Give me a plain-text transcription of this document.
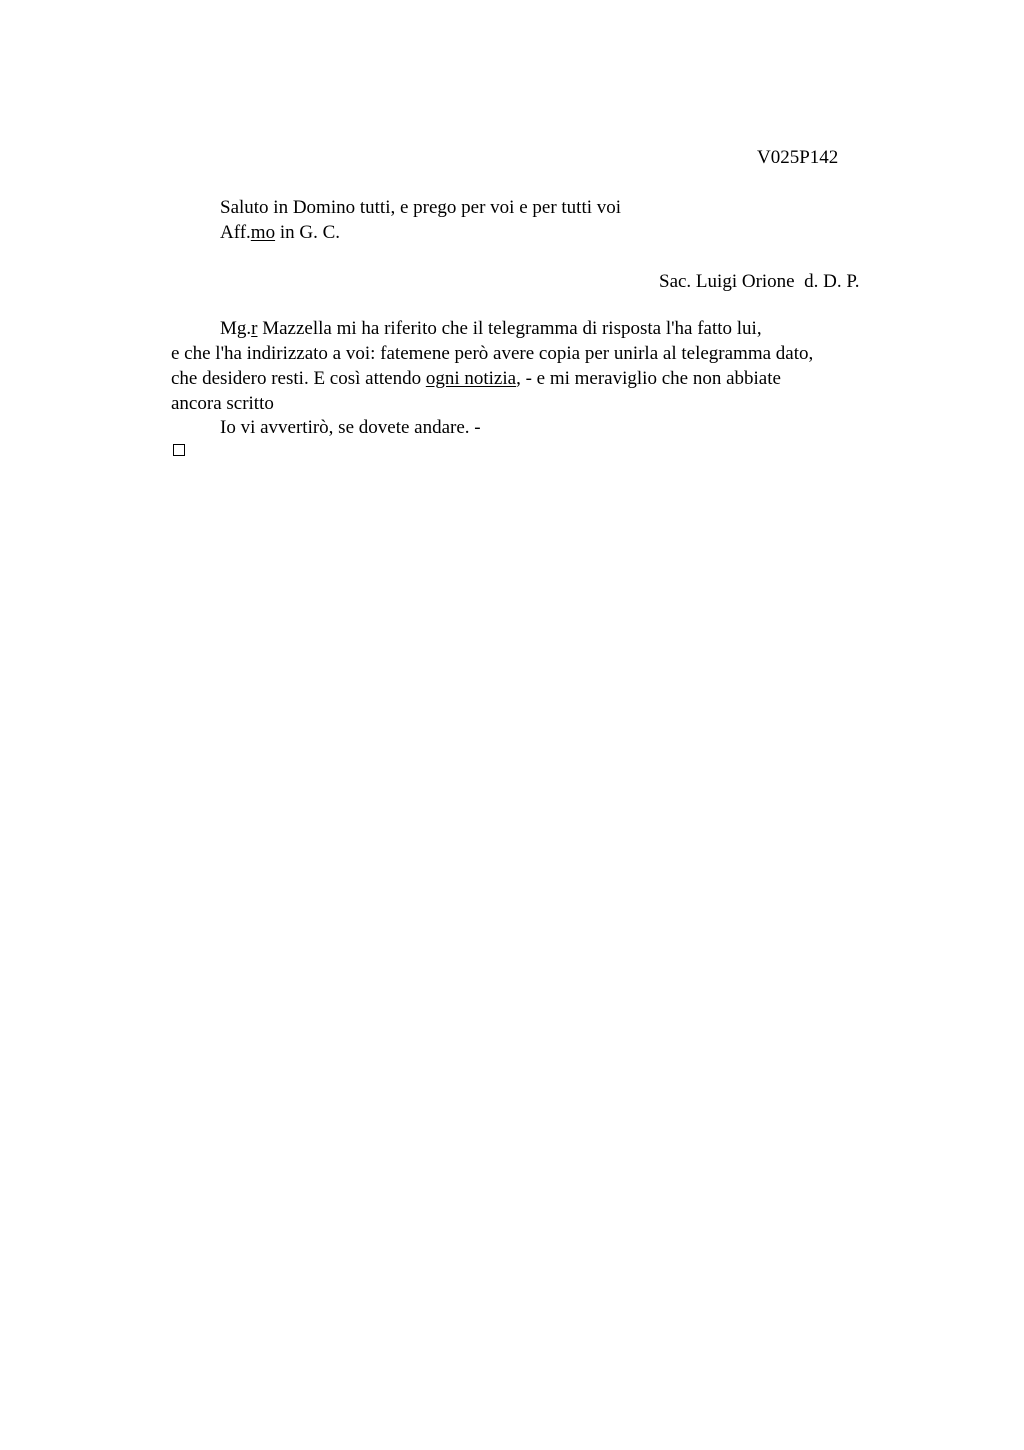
V025P142
Saluto in Domino tutti, e prego per voi e per tutti voi
Aff.mo in G. C.
Sac. Luigi Orione  d. D. P.
Mg.r Mazzella mi ha riferito che il telegramma di risposta l'ha fatto lui,
e che l'ha indirizzato a voi: fatemene però avere copia per unirla al telegramma dato,
che desidero resti. E così attendo ogni notizia, - e mi meraviglio che non abbiate
ancora scritto
Io vi avvertirò, se dovete andare. -
